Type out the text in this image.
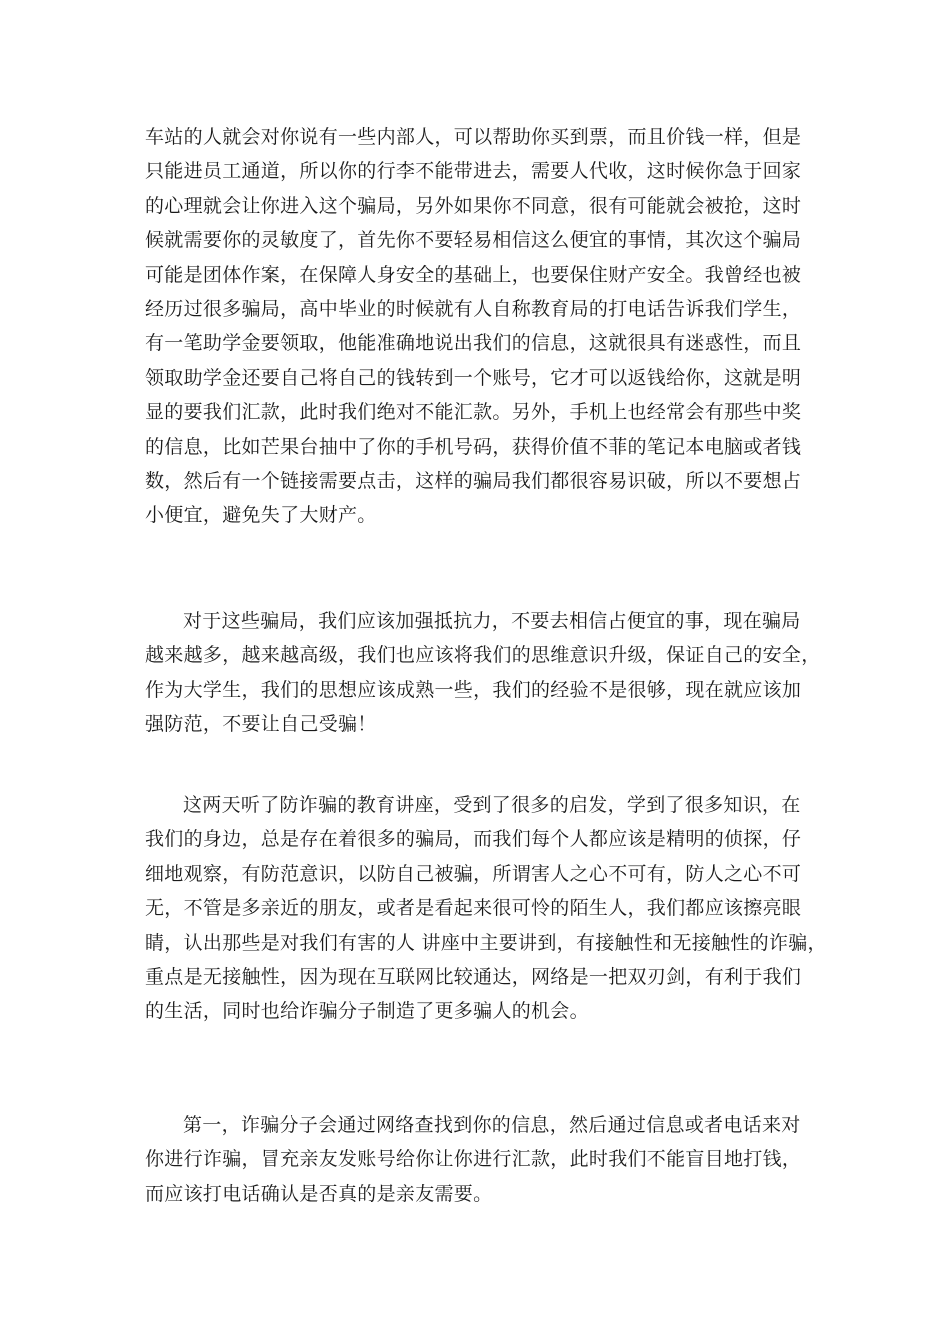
车站的人就会对你说有一些内部人，可以帮助你买到票，而且价钱一样，但是
只能进员工通道，所以你的行李不能带进去，需要人代收，这时候你急于回家
的心理就会让你进入这个骗局，另外如果你不同意，很有可能就会被抢，这时
候就需要你的灵敏度了，首先你不要轻易相信这么便宜的事情，其次这个骗局
可能是团体作案，在保障人身安全的基础上，也要保住财产安全。我曾经也被
经历过很多骗局，高中毕业的时候就有人自称教育局的打电话告诉我们学生，
有一笔助学金要领取，他能准确地说出我们的信息，这就很具有迷惑性，而且
领取助学金还要自己将自己的钱转到一个账号，它才可以返钱给你，这就是明
显的要我们汇款，此时我们绝对不能汇款。另外，手机上也经常会有那些中奖
的信息，比如芒果台抽中了你的手机号码，获得价值不菲的笔记本电脑或者钱
数，然后有一个链接需要点击，这样的骗局我们都很容易识破，所以不要想占
小便宜，避免失了大财产。
对于这些骗局，我们应该加强抵抗力，不要去相信占便宜的事，现在骗局
越来越多，越来越高级，我们也应该将我们的思维意识升级，保证自己的安全，
作为大学生，我们的思想应该成熟一些，我们的经验不是很够，现在就应该加
强防范，不要让自己受骗！
这两天听了防诈骗的教育讲座，受到了很多的启发，学到了很多知识，在
我们的身边，总是存在着很多的骗局，而我们每个人都应该是精明的侦探，仔
细地观察，有防范意识，以防自己被骗，所谓害人之心不可有，防人之心不可
无，不管是多亲近的朋友，或者是看起来很可怜的陌生人，我们都应该擦亮眼
睛，认出那些是对我们有害的人 讲座中主要讲到，有接触性和无接触性的诈骗，
重点是无接触性，因为现在互联网比较通达，网络是一把双刃剑，有利于我们
的生活，同时也给诈骗分子制造了更多骗人的机会。
第一，诈骗分子会通过网络查找到你的信息，然后通过信息或者电话来对
你进行诈骗，冒充亲友发账号给你让你进行汇款，此时我们不能盲目地打钱，
而应该打电话确认是否真的是亲友需要。
